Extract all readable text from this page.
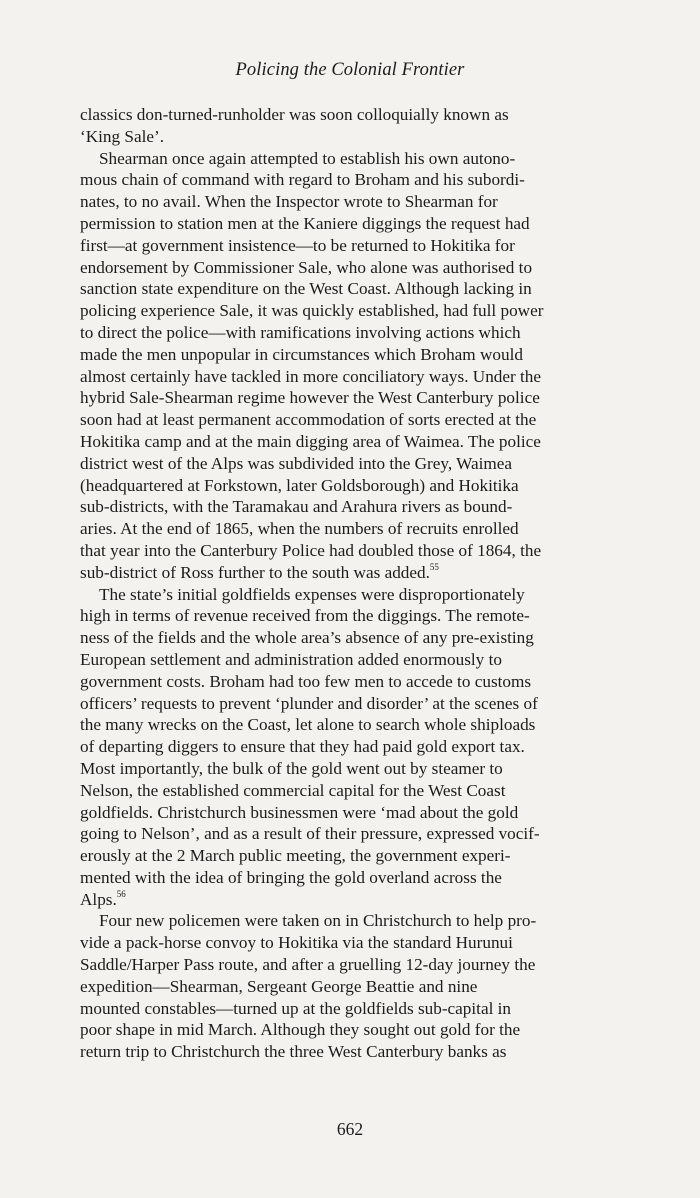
Policing the Colonial Frontier

classics don-turned-runholder was soon colloquially known as
‘King Sale’.

Shearman once again attempted to establish his own autono-
mous chain of command with regard to Broham and his subordi-
nates, to no avail. When the Inspector wrote to Shearman for
permission to station men at the Kaniere diggings the request had
first—at government insistence—to be returned to Hokitika for
endorsement by Commissioner Sale, who alone was authorised to
sanction state expenditure on the West Coast. Although lacking in
policing experience Sale, it was quickly established, had full power
to direct the police—with ramifications involving actions which
made the men unpopular in circumstances which Broham would
almost certainly have tackled in more conciliatory ways. Under the
hybrid Sale-Shearman regime however the West Canterbury police
soon had at least permanent accommodation of sorts erected at the
Hokitika camp and at the main digging area of Waimea. The police
district west of the Alps was subdivided into the Grey, Waimea
(headquartered at Forkstown, later Goldsborough) and Hokitika
sub-districts, with the Taramakau and Arahura rivers as bound-
aries. At the end of 1865, when the numbers of recruits enrolled
that year into the Canterbury Police had doubled those of 1864, the
sub-district of Ross further to the south was added.$^{55}$

The state’s initial goldfields expenses were disproportionately
high in terms of revenue received from the diggings. The remote-
ness of the fields and the whole area’s absence of any pre-existing
European settlement and administration added enormously to
government costs. Broham had too few men to accede to customs
officers’ requests to prevent ‘plunder and disorder’ at the scenes of
the many wrecks on the Coast, let alone to search whole shiploads
of departing diggers to ensure that they had paid gold export tax.
Most importantly, the bulk of the gold went out by steamer to
Nelson, the established commercial capital for the West Coast
goldfields. Christchurch businessmen were ‘mad about the gold
going to Nelson’, and as a result of their pressure, expressed vocif-
erously at the 2 March public meeting, the government experi-
mented with the idea of bringing the gold overland across the
Alps.$^{56}$

Four new policemen were taken on in Christchurch to help pro-
vide a pack-horse convoy to Hokitika via the standard Hurunui
Saddle/Harper Pass route, and after a gruelling 12-day journey the
expedition—Shearman, Sergeant George Beattie and nine
mounted constables—turned up at the goldfields sub-capital in
poor shape in mid March. Although they sought out gold for the
return trip to Christchurch the three West Canterbury banks as

662
